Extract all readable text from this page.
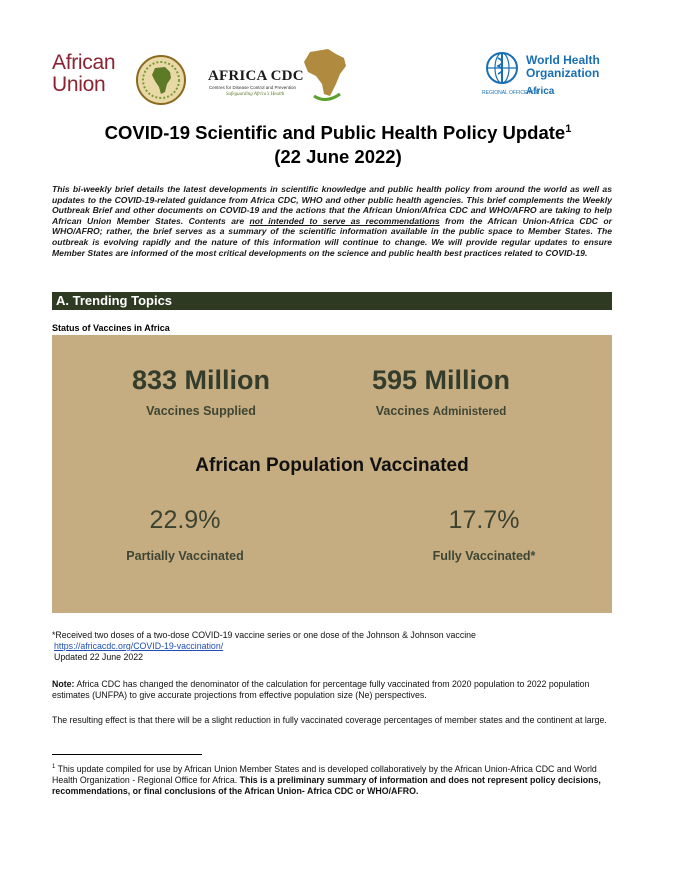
African
Union	AFRICA CDC
Centres for Disease Control and Prevention
Safeguarding Africa's Health
World Health
Organization
REGIONAL OFFICE FOR
Africa
COVID-19 Scientific and Public Health Policy Update$^1$
(22 June 2022)
This bi-weekly brief details the latest developments in scientific knowledge and public health policy from around the world as well as updates to the COVID-19-related guidance from Africa CDC, WHO and other public health agencies. This brief complements the Weekly Outbreak Brief and other documents on COVID-19 and the actions that the African Union/Africa CDC and WHO/AFRO are taking to help African Union Member States. Contents are not intended to serve as recommendations from the African Union-Africa CDC or WHO/AFRO; rather, the brief serves as a summary of the scientific information available in the public space to Member States. The outbreak is evolving rapidly and the nature of this information will continue to change. We will provide regular updates to ensure Member States are informed of the most critical developments on the science and public health best practices related to COVID-19.
A. Trending Topics
Status of Vaccines in Africa
833 Million
Vaccines Supplied
595 Million
Vaccines Administered
African Population Vaccinated
22.9%
Partially Vaccinated
17.7%
Fully Vaccinated*
*Received two doses of a two-dose COVID-19 vaccine series or one dose of the Johnson & Johnson vaccine
https://africacdc.org/COVID-19-vaccination/
Updated 22 June 2022
Note: Africa CDC has changed the denominator of the calculation for percentage fully vaccinated from 2020 population to 2022 population estimates (UNFPA) to give accurate projections from effective population size (Ne) perspectives.
The resulting effect is that there will be a slight reduction in fully vaccinated coverage percentages of member states and the continent at large.
$^1$ This update compiled for use by African Union Member States and is developed collaboratively by the African Union-Africa CDC and World Health Organization - Regional Office for Africa. This is a preliminary summary of information and does not represent policy decisions, recommendations, or final conclusions of the African Union- Africa CDC or WHO/AFRO.
